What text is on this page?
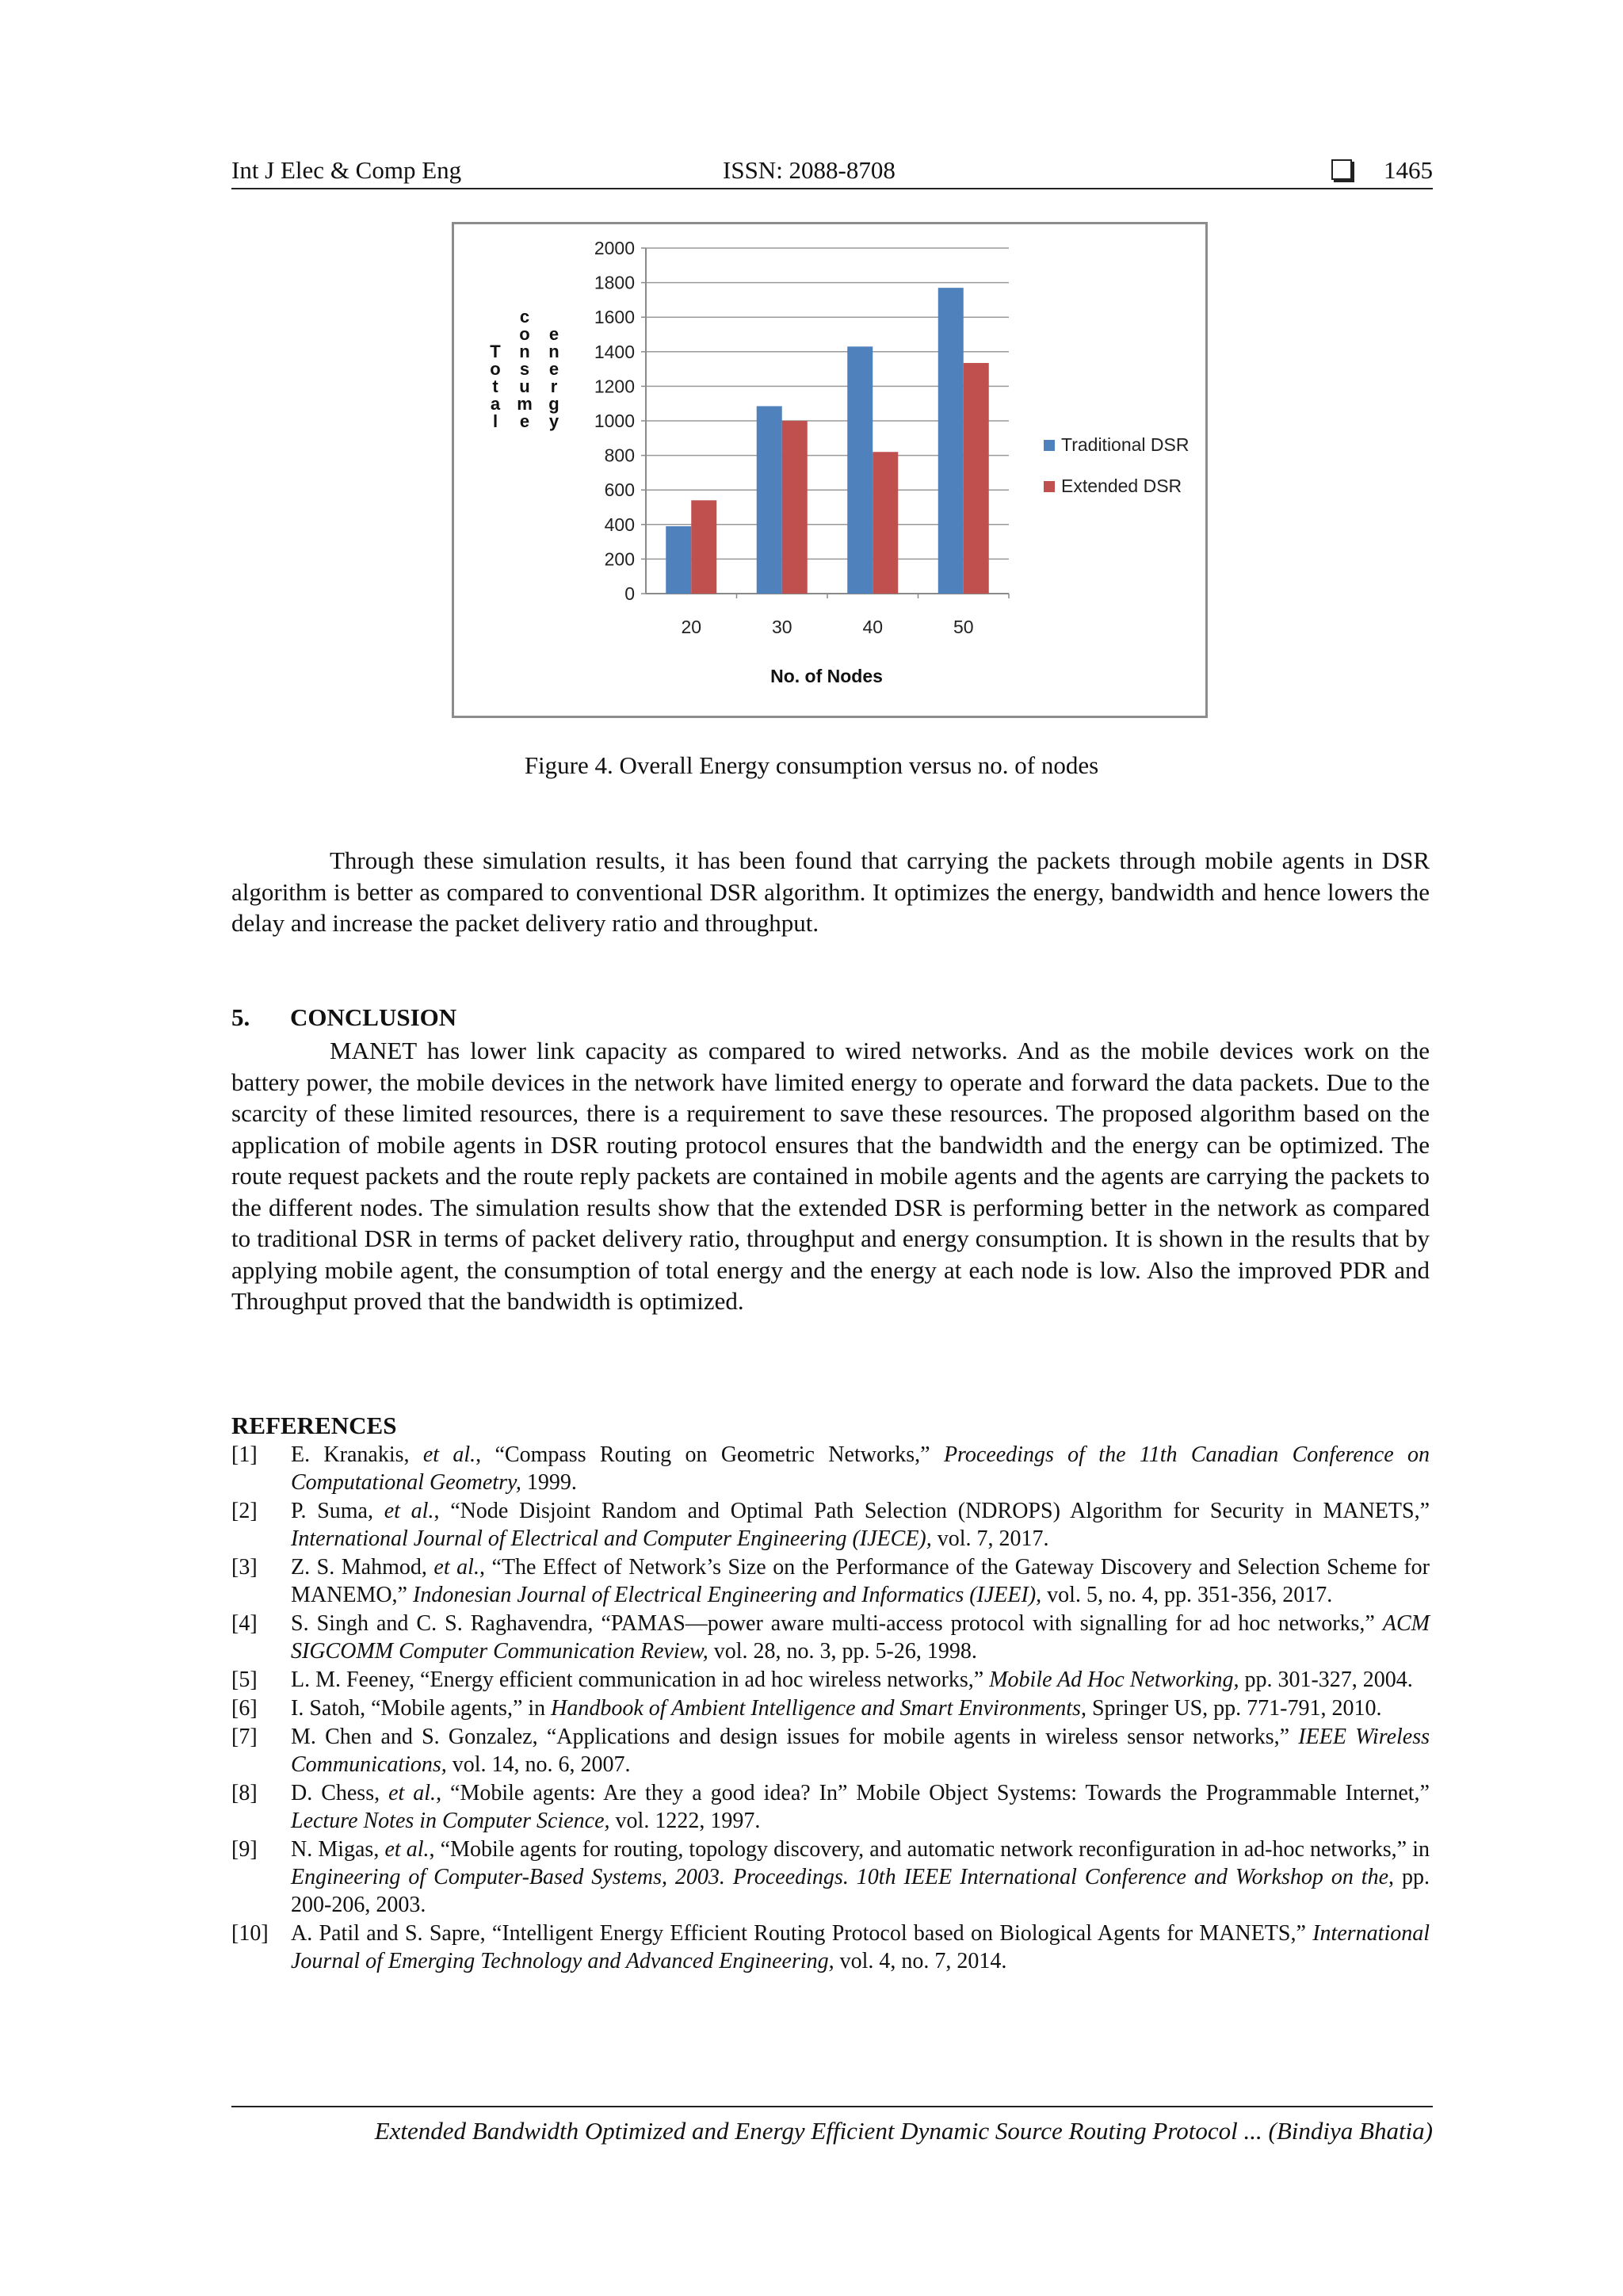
Int J Elec & Comp Eng	ISSN: 2088-8708	1465
T o t a l
c o n s u m e
e n e r g y
0
200
400
600
800
1000
1200
1400
1600
1800
2000
20	30	40	50
No. of Nodes
Traditional DSR
Extended DSR
Figure 4. Overall Energy consumption versus no. of nodes
Through these simulation results, it has been found that carrying the packets through mobile agents in DSR algorithm is better as compared to conventional DSR algorithm. It optimizes the energy, bandwidth and hence lowers the delay and increase the packet delivery ratio and throughput.
5. CONCLUSION
MANET has lower link capacity as compared to wired networks. And as the mobile devices work on the battery power, the mobile devices in the network have limited energy to operate and forward the data packets. Due to the scarcity of these limited resources, there is a requirement to save these resources. The proposed algorithm based on the application of mobile agents in DSR routing protocol ensures that the bandwidth and the energy can be optimized. The route request packets and the route reply packets are contained in mobile agents and the agents are carrying the packets to the different nodes. The simulation results show that the extended DSR is performing better in the network as compared to traditional DSR in terms of packet delivery ratio, throughput and energy consumption. It is shown in the results that by applying mobile agent, the consumption of total energy and the energy at each node is low. Also the improved PDR and Throughput proved that the bandwidth is optimized.
REFERENCES
[1] E. Kranakis, et al., “Compass Routing on Geometric Networks,” Proceedings of the 11th Canadian Conference on Computational Geometry, 1999.
[2] P. Suma, et al., “Node Disjoint Random and Optimal Path Selection (NDROPS) Algorithm for Security in MANETS,” International Journal of Electrical and Computer Engineering (IJECE), vol. 7, 2017.
[3] Z. S. Mahmod, et al., “The Effect of Network’s Size on the Performance of the Gateway Discovery and Selection Scheme for MANEMO,” Indonesian Journal of Electrical Engineering and Informatics (IJEEI), vol. 5, no. 4, pp. 351-356, 2017.
[4] S. Singh and C. S. Raghavendra, “PAMAS—power aware multi-access protocol with signalling for ad hoc networks,” ACM SIGCOMM Computer Communication Review, vol. 28, no. 3, pp. 5-26, 1998.
[5] L. M. Feeney, “Energy efficient communication in ad hoc wireless networks,” Mobile Ad Hoc Networking, pp. 301-327, 2004.
[6] I. Satoh, “Mobile agents,” in Handbook of Ambient Intelligence and Smart Environments, Springer US, pp. 771-791, 2010.
[7] M. Chen and S. Gonzalez, “Applications and design issues for mobile agents in wireless sensor networks,” IEEE Wireless Communications, vol. 14, no. 6, 2007.
[8] D. Chess, et al., “Mobile agents: Are they a good idea? In” Mobile Object Systems: Towards the Programmable Internet,” Lecture Notes in Computer Science, vol. 1222, 1997.
[9] N. Migas, et al., “Mobile agents for routing, topology discovery, and automatic network reconfiguration in ad-hoc networks,” in Engineering of Computer-Based Systems, 2003. Proceedings. 10th IEEE International Conference and Workshop on the, pp. 200-206, 2003.
[10] A. Patil and S. Sapre, “Intelligent Energy Efficient Routing Protocol based on Biological Agents for MANETS,” International Journal of Emerging Technology and Advanced Engineering, vol. 4, no. 7, 2014.
Extended Bandwidth Optimized and Energy Efficient Dynamic Source Routing Protocol ... (Bindiya Bhatia)
